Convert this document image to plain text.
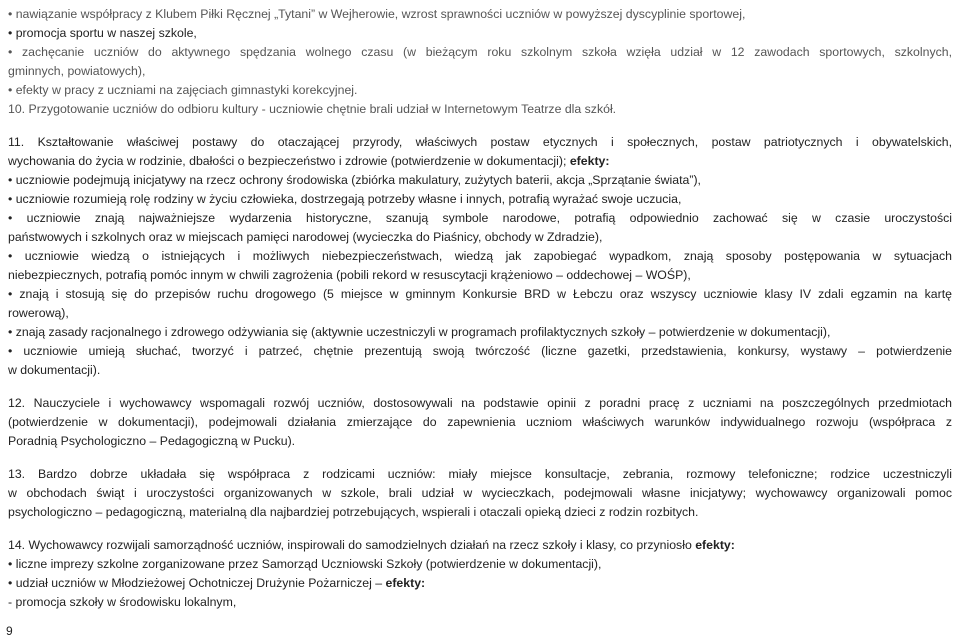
• nawiązanie współpracy z Klubem Piłki Ręcznej „Tytani” w Wejherowie, wzrost sprawności uczniów w powyższej dyscyplinie sportowej,
• promocja sportu w naszej szkole,
• zachęcanie uczniów do aktywnego spędzania wolnego czasu (w bieżącym roku szkolnym szkoła wzięła udział w 12 zawodach sportowych, szkolnych,
gminnych, powiatowych),
• efekty w pracy z uczniami na zajęciach gimnastyki korekcyjnej.
10. Przygotowanie uczniów do odbioru kultury - uczniowie chętnie brali udział w Internetowym Teatrze dla szkół.
11. Kształtowanie właściwej postawy do otaczającej przyrody, właściwych postaw etycznych i społecznych, postaw patriotycznych i obywatelskich,
wychowania do życia w rodzinie, dbałości o bezpieczeństwo i zdrowie (potwierdzenie w dokumentacji); efekty:
• uczniowie podejmują inicjatywy na rzecz ochrony środowiska (zbiórka makulatury, zużytych baterii, akcja „Sprzątanie świata”),
• uczniowie rozumieją rolę rodziny w życiu człowieka, dostrzegają potrzeby własne i innych, potrafią wyrażać swoje uczucia,
• uczniowie znają najważniejsze wydarzenia historyczne, szanują symbole narodowe, potrafią odpowiednio zachować się w czasie uroczystości
państwowych i szkolnych oraz w miejscach pamięci narodowej (wycieczka do Piaśnicy, obchody w Zdradzie),
• uczniowie wiedzą o istniejących i możliwych niebezpieczeństwach, wiedzą jak zapobiegać wypadkom, znają sposoby postępowania w sytuacjach
niebezpiecznych, potrafią pomóc innym w chwili zagrożenia (pobili rekord w resuscytacji krążeniowo – oddechowej – WOŚP),
• znają i stosują się do przepisów ruchu drogowego (5 miejsce w gminnym Konkursie BRD w Łebczu oraz wszyscy uczniowie klasy IV zdali egzamin na kartę
rowerową),
• znają zasady racjonalnego i zdrowego odżywiania się (aktywnie uczestniczyli w programach profilaktycznych szkoły – potwierdzenie w dokumentacji),
• uczniowie umieją słuchać, tworzyć i patrzeć, chętnie prezentują swoją twórczość (liczne gazetki, przedstawienia, konkursy, wystawy – potwierdzenie
w dokumentacji).
12. Nauczyciele i wychowawcy wspomagali rozwój uczniów, dostosowywali na podstawie opinii z poradni pracę z uczniami na poszczególnych przedmiotach
(potwierdzenie w dokumentacji), podejmowali działania zmierzające do zapewnienia uczniom właściwych warunków indywidualnego rozwoju (współpraca z
Poradnią Psychologiczno – Pedagogiczną w Pucku).
13. Bardzo dobrze układała się współpraca z rodzicami uczniów: miały miejsce konsultacje, zebrania, rozmowy telefoniczne; rodzice uczestniczyli
w obchodach świąt i uroczystości organizowanych w szkole, brali udział w wycieczkach, podejmowali własne inicjatywy; wychowawcy organizowali pomoc
psychologiczno – pedagogiczną, materialną dla najbardziej potrzebujących, wspierali i otaczali opieką dzieci z rodzin rozbitych.
14. Wychowawcy rozwijali samorządność uczniów, inspirowali do samodzielnych działań na rzecz szkoły i klasy, co przyniosło efekty:
• liczne imprezy szkolne zorganizowane przez Samorząd Uczniowski Szkoły (potwierdzenie w dokumentacji),
• udział uczniów w Młodzieżowej Ochotniczej Drużynie Pożarniczej – efekty:
- promocja szkoły w środowisku lokalnym,
9
